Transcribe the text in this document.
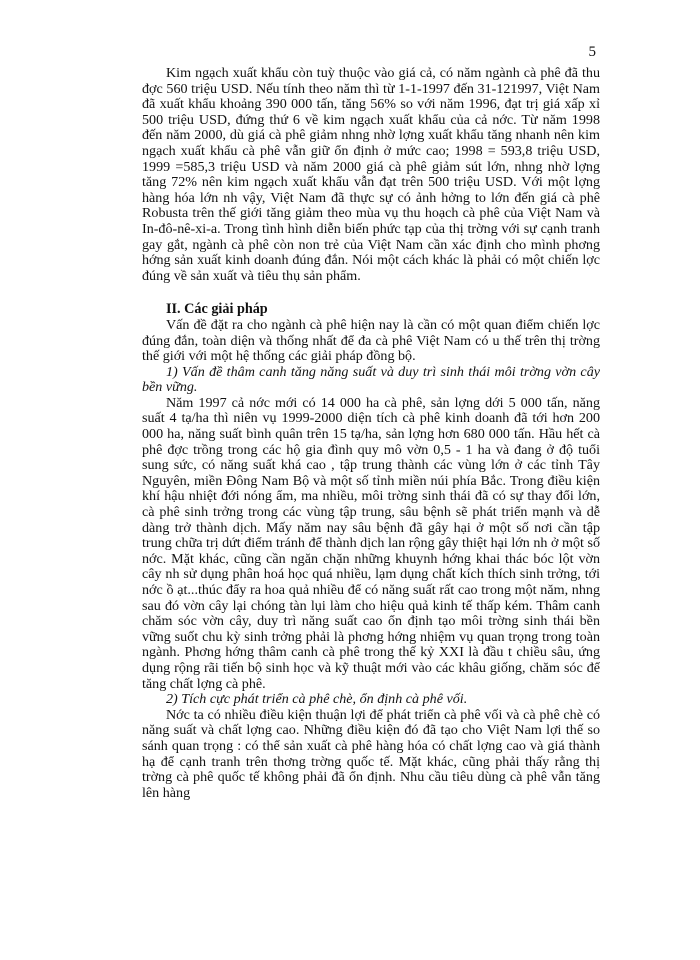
5

Kim ngạch xuất khẩu còn tuỳ thuộc vào giá cả, có năm ngành cà phê đã thu đợc 560 triệu USD. Nếu tính theo năm thì từ 1-1-1997 đến 31-121997, Việt Nam đã xuất khẩu khoảng 390 000 tấn, tăng 56% so với năm 1996, đạt trị giá xấp xỉ 500 triệu USD, đứng thứ 6 về kim ngạch xuất khẩu của cả nớc. Từ năm 1998 đến năm 2000, dù giá cà phê giảm nhng nhờ lợng xuất khẩu tăng nhanh nên kim ngạch xuất khẩu cà phê vẫn giữ ổn định ở mức cao; 1998 = 593,8 triệu USD, 1999 =585,3 triệu USD và năm 2000 giá cà phê giảm sút lớn, nhng nhờ lợng tăng 72% nên kim ngạch xuất khẩu vẫn đạt trên 500 triệu USD. Với một lợng hàng hóa lớn nh vậy, Việt Nam đã thực sự có ảnh hởng to lớn đến giá cà phê Robusta trên thế giới tăng giảm theo mùa vụ thu hoạch cà phê của Việt Nam và In-đô-nê-xi-a. Trong tình hình diễn biến phức tạp của thị trờng với sự cạnh tranh gay gắt, ngành cà phê còn non trẻ của Việt Nam cần xác định cho mình phơng hớng sản xuất kinh doanh đúng đắn. Nói một cách khác là phải có một chiến lợc đúng về sản xuất và tiêu thụ sản phẩm.

II. Các giải pháp

Vấn đề đặt ra cho ngành cà phê hiện nay là cần có một quan điểm chiến lợc đúng đắn, toàn diện và thống nhất để đa cà phê Việt Nam có u thế trên thị trờng thế giới với một hệ thống các giải pháp đồng bộ.

1) Vấn đề thâm canh tăng năng suất và duy trì sinh thái môi trờng vờn cây bền vững.

Năm 1997 cả nớc mới có 14 000 ha cà phê, sản lợng dới 5 000 tấn, năng suất 4 tạ/ha thì niên vụ 1999-2000 diện tích cà phê kinh doanh đã tới hơn 200 000 ha, năng suất bình quân trên 15 tạ/ha, sản lợng hơn 680 000 tấn. Hầu hết cà phê đợc trồng trong các hộ gia đình quy mô vờn 0,5 - 1 ha và đang ở độ tuổi sung sức, có năng suất khá cao , tập trung thành các vùng lớn ở các tỉnh Tây Nguyên, miền Đông Nam Bộ và một số tỉnh miền núi phía Bắc. Trong điều kiện khí hậu nhiệt đới nóng ẩm, ma nhiều, môi trờng sinh thái đã có sự thay đổi lớn, cà phê sinh trởng trong các vùng tập trung, sâu bệnh sẽ phát triển mạnh và dễ dàng trở thành dịch. Mấy năm nay sâu bệnh đã gây hại ở một số nơi cần tập trung chữa trị dứt điểm tránh để thành dịch lan rộng gây thiệt hại lớn nh ở một số nớc. Mặt khác, cũng cần ngăn chặn những khuynh hớng khai thác bóc lột vờn cây nh sử dụng phân hoá học quá nhiều, lạm dụng chất kích thích sinh trởng, tới nớc ồ ạt...thúc đẩy ra hoa quả nhiều để có năng suất rất cao trong một năm, nhng sau đó vờn cây lại chóng tàn lụi làm cho hiệu quả kinh tế thấp kém. Thâm canh chăm sóc vờn cây, duy trì năng suất cao ổn định tạo môi trờng sinh thái bền vững suốt chu kỳ sinh trởng phải là phơng hớng nhiệm vụ quan trọng trong toàn ngành. Phơng hớng thâm canh cà phê trong thế kỷ XXI là đầu t chiều sâu, ứng dụng rộng rãi tiến bộ sinh học và kỹ thuật mới vào các khâu giống, chăm sóc để tăng chất lợng cà phê.

2) Tích cực phát triển cà phê chè, ổn định cà phê vối.

Nớc ta có nhiều điều kiện thuận lợi để phát triển cà phê vối và cà phê chè có năng suất và chất lợng cao. Những điều kiện đó đã tạo cho Việt Nam lợi thế so sánh quan trọng : có thể sản xuất cà phê hàng hóa có chất lợng cao và giá thành hạ để cạnh tranh trên thơng trờng quốc tế. Mặt khác, cũng phải thấy rằng thị trờng cà phê quốc tế không phải đã ổn định. Nhu cầu tiêu dùng cà phê vẫn tăng lên hàng
